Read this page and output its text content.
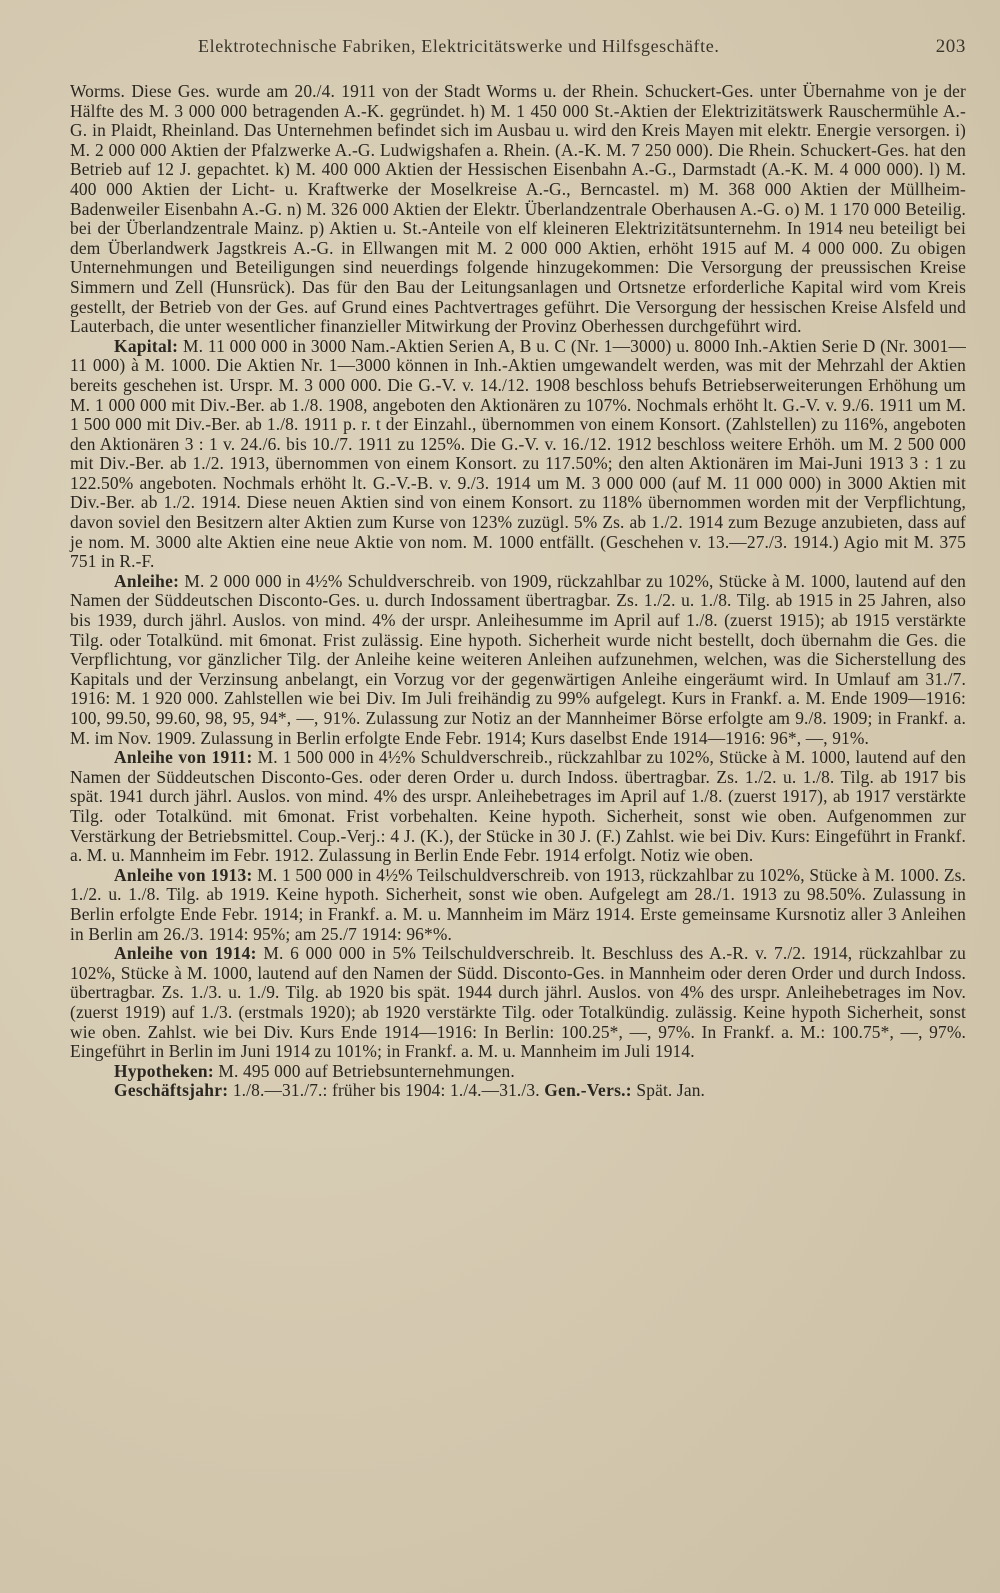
Elektrotechnische Fabriken, Elektricitätswerke und Hilfsgeschäfte.	203

Worms. Diese Ges. wurde am 20./4. 1911 von der Stadt Worms u. der Rhein. Schuckert-Ges. unter Übernahme von je der Hälfte des M. 3 000 000 betragenden A.-K. gegründet. h) M. 1 450 000 St.-Aktien der Elektrizitätswerk Rauschermühle A.-G. in Plaidt, Rheinland. Das Unternehmen befindet sich im Ausbau u. wird den Kreis Mayen mit elektr. Energie versorgen. i) M. 2 000 000 Aktien der Pfalzwerke A.-G. Ludwigshafen a. Rhein. (A.-K. M. 7 250 000). Die Rhein. Schuckert-Ges. hat den Betrieb auf 12 J. gepachtet. k) M. 400 000 Aktien der Hessischen Eisenbahn A.-G., Darmstadt (A.-K. M. 4 000 000). l) M. 400 000 Aktien der Licht- u. Kraftwerke der Moselkreise A.-G., Berncastel. m) M. 368 000 Aktien der Müllheim-Badenweiler Eisenbahn A.-G. n) M. 326 000 Aktien der Elektr. Überlandzentrale Oberhausen A.-G. o) M. 1 170 000 Beteilig. bei der Überlandzentrale Mainz. p) Aktien u. St.-Anteile von elf kleineren Elektrizitätsunternehm. In 1914 neu beteiligt bei dem Überlandwerk Jagstkreis A.-G. in Ellwangen mit M. 2 000 000 Aktien, erhöht 1915 auf M. 4 000 000. Zu obigen Unternehmungen und Beteiligungen sind neuerdings folgende hinzugekommen: Die Versorgung der preussischen Kreise Simmern und Zell (Hunsrück). Das für den Bau der Leitungsanlagen und Ortsnetze erforderliche Kapital wird vom Kreis gestellt, der Betrieb von der Ges. auf Grund eines Pachtvertrages geführt. Die Versorgung der hessischen Kreise Alsfeld und Lauterbach, die unter wesentlicher finanzieller Mitwirkung der Provinz Oberhessen durchgeführt wird.

Kapital: M. 11 000 000 in 3000 Nam.-Aktien Serien A, B u. C (Nr. 1—3000) u. 8000 Inh.-Aktien Serie D (Nr. 3001—11 000) à M. 1000. Die Aktien Nr. 1—3000 können in Inh.-Aktien umgewandelt werden, was mit der Mehrzahl der Aktien bereits geschehen ist. Urspr. M. 3 000 000. Die G.-V. v. 14./12. 1908 beschloss behufs Betriebserweiterungen Erhöhung um M. 1 000 000 mit Div.-Ber. ab 1./8. 1908, angeboten den Aktionären zu 107%. Nochmals erhöht lt. G.-V. v. 9./6. 1911 um M. 1 500 000 mit Div.-Ber. ab 1./8. 1911 p. r. t der Einzahl., übernommen von einem Konsort. (Zahlstellen) zu 116%, angeboten den Aktionären 3 : 1 v. 24./6. bis 10./7. 1911 zu 125%. Die G.-V. v. 16./12. 1912 beschloss weitere Erhöh. um M. 2 500 000 mit Div.-Ber. ab 1./2. 1913, übernommen von einem Konsort. zu 117.50%; den alten Aktionären im Mai-Juni 1913 3 : 1 zu 122.50% angeboten. Nochmals erhöht lt. G.-V.-B. v. 9./3. 1914 um M. 3 000 000 (auf M. 11 000 000) in 3000 Aktien mit Div.-Ber. ab 1./2. 1914. Diese neuen Aktien sind von einem Konsort. zu 118% übernommen worden mit der Verpflichtung, davon soviel den Besitzern alter Aktien zum Kurse von 123% zuzügl. 5% Zs. ab 1./2. 1914 zum Bezuge anzubieten, dass auf je nom. M. 3000 alte Aktien eine neue Aktie von nom. M. 1000 entfällt. (Geschehen v. 13.—27./3. 1914.) Agio mit M. 375 751 in R.-F.

Anleihe: M. 2 000 000 in 4½% Schuldverschreib. von 1909, rückzahlbar zu 102%, Stücke à M. 1000, lautend auf den Namen der Süddeutschen Disconto-Ges. u. durch Indossament übertragbar. Zs. 1./2. u. 1./8. Tilg. ab 1915 in 25 Jahren, also bis 1939, durch jährl. Auslos. von mind. 4% der urspr. Anleihesumme im April auf 1./8. (zuerst 1915); ab 1915 verstärkte Tilg. oder Totalkünd. mit 6monat. Frist zulässig. Eine hypoth. Sicherheit wurde nicht bestellt, doch übernahm die Ges. die Verpflichtung, vor gänzlicher Tilg. der Anleihe keine weiteren Anleihen aufzunehmen, welchen, was die Sicherstellung des Kapitals und der Verzinsung anbelangt, ein Vorzug vor der gegenwärtigen Anleihe eingeräumt wird. In Umlauf am 31./7. 1916: M. 1 920 000. Zahlstellen wie bei Div. Im Juli freihändig zu 99% aufgelegt. Kurs in Frankf. a. M. Ende 1909—1916: 100, 99.50, 99.60, 98, 95, 94*, —, 91%. Zulassung zur Notiz an der Mannheimer Börse erfolgte am 9./8. 1909; in Frankf. a. M. im Nov. 1909. Zulassung in Berlin erfolgte Ende Febr. 1914; Kurs daselbst Ende 1914—1916: 96*, —, 91%.

Anleihe von 1911: M. 1 500 000 in 4½% Schuldverschreib., rückzahlbar zu 102%, Stücke à M. 1000, lautend auf den Namen der Süddeutschen Disconto-Ges. oder deren Order u. durch Indoss. übertragbar. Zs. 1./2. u. 1./8. Tilg. ab 1917 bis spät. 1941 durch jährl. Auslos. von mind. 4% des urspr. Anleihebetrages im April auf 1./8. (zuerst 1917), ab 1917 verstärkte Tilg. oder Totalkünd. mit 6monat. Frist vorbehalten. Keine hypoth. Sicherheit, sonst wie oben. Aufgenommen zur Verstärkung der Betriebsmittel. Coup.-Verj.: 4 J. (K.), der Stücke in 30 J. (F.) Zahlst. wie bei Div. Kurs: Eingeführt in Frankf. a. M. u. Mannheim im Febr. 1912. Zulassung in Berlin Ende Febr. 1914 erfolgt. Notiz wie oben.

Anleihe von 1913: M. 1 500 000 in 4½% Teilschuldverschreib. von 1913, rückzahlbar zu 102%, Stücke à M. 1000. Zs. 1./2. u. 1./8. Tilg. ab 1919. Keine hypoth. Sicherheit, sonst wie oben. Aufgelegt am 28./1. 1913 zu 98.50%. Zulassung in Berlin erfolgte Ende Febr. 1914; in Frankf. a. M. u. Mannheim im März 1914. Erste gemeinsame Kursnotiz aller 3 Anleihen in Berlin am 26./3. 1914: 95%; am 25./7 1914: 96*%.

Anleihe von 1914: M. 6 000 000 in 5% Teilschuldverschreib. lt. Beschluss des A.-R. v. 7./2. 1914, rückzahlbar zu 102%, Stücke à M. 1000, lautend auf den Namen der Südd. Disconto-Ges. in Mannheim oder deren Order und durch Indoss. übertragbar. Zs. 1./3. u. 1./9. Tilg. ab 1920 bis spät. 1944 durch jährl. Auslos. von 4% des urspr. Anleihebetrages im Nov. (zuerst 1919) auf 1./3. (erstmals 1920); ab 1920 verstärkte Tilg. oder Totalkündig. zulässig. Keine hypoth Sicherheit, sonst wie oben. Zahlst. wie bei Div. Kurs Ende 1914—1916: In Berlin: 100.25*, —, 97%. In Frankf. a. M.: 100.75*, —, 97%. Eingeführt in Berlin im Juni 1914 zu 101%; in Frankf. a. M. u. Mannheim im Juli 1914.

Hypotheken: M. 495 000 auf Betriebsunternehmungen.

Geschäftsjahr: 1./8.—31./7.: früher bis 1904: 1./4.—31./3. Gen.-Vers.: Spät. Jan.
